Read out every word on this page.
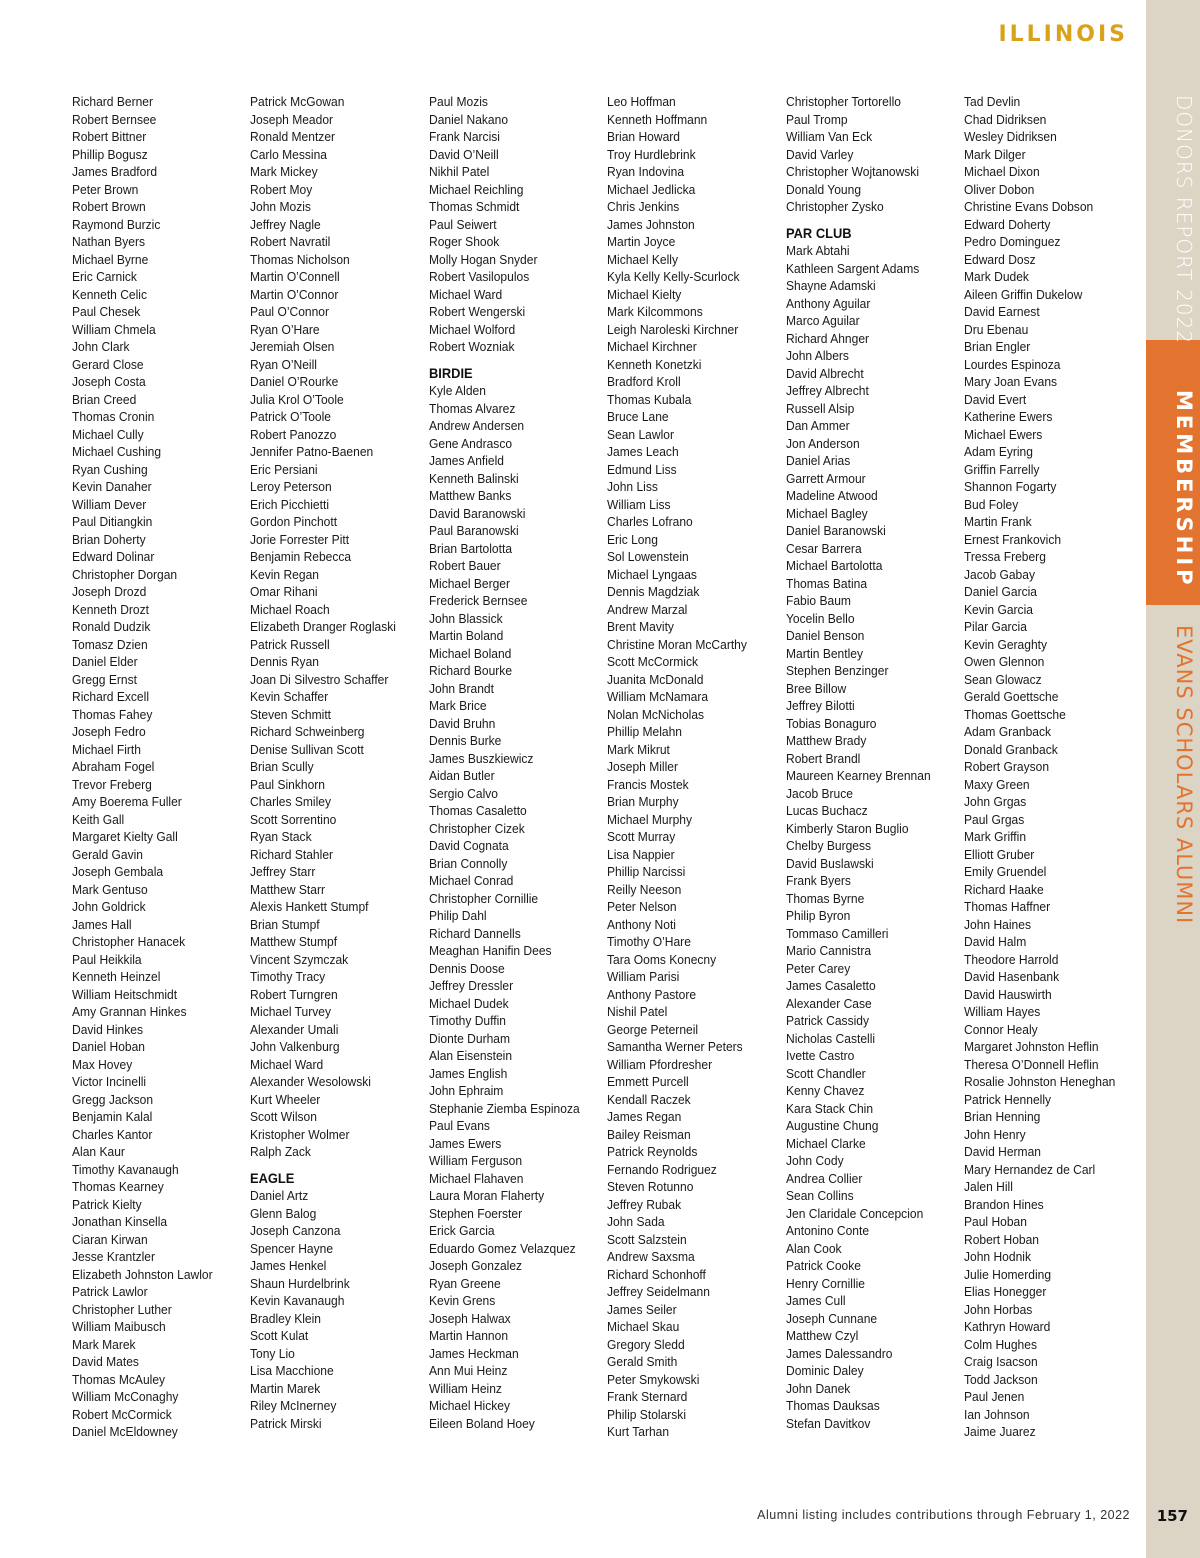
ILLINOIS
DONORS REPORT 2022
MEMBERSHIP
EVANS SCHOLARS ALUMNI
Richard Berner
Robert Bernsee
Robert Bittner
Phillip Bogusz
James Bradford
Peter Brown
Robert Brown
Raymond Burzic
Nathan Byers
Michael Byrne
Eric Carnick
Kenneth Celic
Paul Chesek
William Chmela
John Clark
Gerard Close
Joseph Costa
Brian Creed
Thomas Cronin
Michael Cully
Michael Cushing
Ryan Cushing
Kevin Danaher
William Dever
Paul Ditiangkin
Brian Doherty
Edward Dolinar
Christopher Dorgan
Joseph Drozd
Kenneth Drozt
Ronald Dudzik
Tomasz Dzien
Daniel Elder
Gregg Ernst
Richard Excell
Thomas Fahey
Joseph Fedro
Michael Firth
Abraham Fogel
Trevor Freberg
Amy Boerema Fuller
Keith Gall
Margaret Kielty Gall
Gerald Gavin
Joseph Gembala
Mark Gentuso
John Goldrick
James Hall
Christopher Hanacek
Paul Heikkila
Kenneth Heinzel
William Heitschmidt
Amy Grannan Hinkes
David Hinkes
Daniel Hoban
Max Hovey
Victor Incinelli
Gregg Jackson
Benjamin Kalal
Charles Kantor
Alan Kaur
Timothy Kavanaugh
Thomas Kearney
Patrick Kielty
Jonathan Kinsella
Ciaran Kirwan
Jesse Krantzler
Elizabeth Johnston Lawlor
Patrick Lawlor
Christopher Luther
William Maibusch
Mark Marek
David Mates
Thomas McAuley
William McConaghy
Robert McCormick
Daniel McEldowney
Patrick McGowan
Joseph Meador
Ronald Mentzer
Carlo Messina
Mark Mickey
Robert Moy
John Mozis
Jeffrey Nagle
Robert Navratil
Thomas Nicholson
Martin O’Connell
Martin O’Connor
Paul O’Connor
Ryan O’Hare
Jeremiah Olsen
Ryan O’Neill
Daniel O’Rourke
Julia Krol O’Toole
Patrick O’Toole
Robert Panozzo
Jennifer Patno-Baenen
Eric Persiani
Leroy Peterson
Erich Picchietti
Gordon Pinchott
Jorie Forrester Pitt
Benjamin Rebecca
Kevin Regan
Omar Rihani
Michael Roach
Elizabeth Dranger Roglaski
Patrick Russell
Dennis Ryan
Joan Di Silvestro Schaffer
Kevin Schaffer
Steven Schmitt
Richard Schweinberg
Denise Sullivan Scott
Brian Scully
Paul Sinkhorn
Charles Smiley
Scott Sorrentino
Ryan Stack
Richard Stahler
Jeffrey Starr
Matthew Starr
Alexis Hankett Stumpf
Brian Stumpf
Matthew Stumpf
Vincent Szymczak
Timothy Tracy
Robert Turngren
Michael Turvey
Alexander Umali
John Valkenburg
Michael Ward
Alexander Wesolowski
Kurt Wheeler
Scott Wilson
Kristopher Wolmer
Ralph Zack
EAGLE
Daniel Artz
Glenn Balog
Joseph Canzona
Spencer Hayne
James Henkel
Shaun Hurdelbrink
Kevin Kavanaugh
Bradley Klein
Scott Kulat
Tony Lio
Lisa Macchione
Martin Marek
Riley McInerney
Patrick Mirski
Paul Mozis
Daniel Nakano
Frank Narcisi
David O’Neill
Nikhil Patel
Michael Reichling
Thomas Schmidt
Paul Seiwert
Roger Shook
Molly Hogan Snyder
Robert Vasilopulos
Michael Ward
Robert Wengerski
Michael Wolford
Robert Wozniak
BIRDIE
Kyle Alden
Thomas Alvarez
Andrew Andersen
Gene Andrasco
James Anfield
Kenneth Balinski
Matthew Banks
David Baranowski
Paul Baranowski
Brian Bartolotta
Robert Bauer
Michael Berger
Frederick Bernsee
John Blassick
Martin Boland
Michael Boland
Richard Bourke
John Brandt
Mark Brice
David Bruhn
Dennis Burke
James Buszkiewicz
Aidan Butler
Sergio Calvo
Thomas Casaletto
Christopher Cizek
David Cognata
Brian Connolly
Michael Conrad
Christopher Cornillie
Philip Dahl
Richard Dannells
Meaghan Hanifin Dees
Dennis Doose
Jeffrey Dressler
Michael Dudek
Timothy Duffin
Dionte Durham
Alan Eisenstein
James English
John Ephraim
Stephanie Ziemba Espinoza
Paul Evans
James Ewers
William Ferguson
Michael Flahaven
Laura Moran Flaherty
Stephen Foerster
Erick Garcia
Eduardo Gomez Velazquez
Joseph Gonzalez
Ryan Greene
Kevin Grens
Joseph Halwax
Martin Hannon
James Heckman
Ann Mui Heinz
William Heinz
Michael Hickey
Eileen Boland Hoey
Leo Hoffman
Kenneth Hoffmann
Brian Howard
Troy Hurdlebrink
Ryan Indovina
Michael Jedlicka
Chris Jenkins
James Johnston
Martin Joyce
Michael Kelly
Kyla Kelly Kelly-Scurlock
Michael Kielty
Mark Kilcommons
Leigh Naroleski Kirchner
Michael Kirchner
Kenneth Konetzki
Bradford Kroll
Thomas Kubala
Bruce Lane
Sean Lawlor
James Leach
Edmund Liss
John Liss
William Liss
Charles Lofrano
Eric Long
Sol Lowenstein
Michael Lyngaas
Dennis Magdziak
Andrew Marzal
Brent Mavity
Christine Moran McCarthy
Scott McCormick
Juanita McDonald
William McNamara
Nolan McNicholas
Phillip Melahn
Mark Mikrut
Joseph Miller
Francis Mostek
Brian Murphy
Michael Murphy
Scott Murray
Lisa Nappier
Phillip Narcissi
Reilly Neeson
Peter Nelson
Anthony Noti
Timothy O’Hare
Tara Ooms Konecny
William Parisi
Anthony Pastore
Nishil Patel
George Peterneil
Samantha Werner Peters
William Pfordresher
Emmett Purcell
Kendall Raczek
James Regan
Bailey Reisman
Patrick Reynolds
Fernando Rodriguez
Steven Rotunno
Jeffrey Rubak
John Sada
Scott Salzstein
Andrew Saxsma
Richard Schonhoff
Jeffrey Seidelmann
James Seiler
Michael Skau
Gregory Sledd
Gerald Smith
Peter Smykowski
Frank Sternard
Philip Stolarski
Kurt Tarhan
Christopher Tortorello
Paul Tromp
William Van Eck
David Varley
Christopher Wojtanowski
Donald Young
Christopher Zysko
PAR CLUB
Mark Abtahi
Kathleen Sargent Adams
Shayne Adamski
Anthony Aguilar
Marco Aguilar
Richard Ahnger
John Albers
David Albrecht
Jeffrey Albrecht
Russell Alsip
Dan Ammer
Jon Anderson
Daniel Arias
Garrett Armour
Madeline Atwood
Michael Bagley
Daniel Baranowski
Cesar Barrera
Michael Bartolotta
Thomas Batina
Fabio Baum
Yocelin Bello
Daniel Benson
Martin Bentley
Stephen Benzinger
Bree Billow
Jeffrey Bilotti
Tobias Bonaguro
Matthew Brady
Robert Brandl
Maureen Kearney Brennan
Jacob Bruce
Lucas Buchacz
Kimberly Staron Buglio
Chelby Burgess
David Buslawski
Frank Byers
Thomas Byrne
Philip Byron
Tommaso Camilleri
Mario Cannistra
Peter Carey
James Casaletto
Alexander Case
Patrick Cassidy
Nicholas Castelli
Ivette Castro
Scott Chandler
Kenny Chavez
Kara Stack Chin
Augustine Chung
Michael Clarke
John Cody
Andrea Collier
Sean Collins
Jen Claridale Concepcion
Antonino Conte
Alan Cook
Patrick Cooke
Henry Cornillie
James Cull
Joseph Cunnane
Matthew Czyl
James Dalessandro
Dominic Daley
John Danek
Thomas Dauksas
Stefan Davitkov
Tad Devlin
Chad Didriksen
Wesley Didriksen
Mark Dilger
Michael Dixon
Oliver Dobon
Christine Evans Dobson
Edward Doherty
Pedro Dominguez
Edward Dosz
Mark Dudek
Aileen Griffin Dukelow
David Earnest
Dru Ebenau
Brian Engler
Lourdes Espinoza
Mary Joan Evans
David Evert
Katherine Ewers
Michael Ewers
Adam Eyring
Griffin Farrelly
Shannon Fogarty
Bud Foley
Martin Frank
Ernest Frankovich
Tressa Freberg
Jacob Gabay
Daniel Garcia
Kevin Garcia
Pilar Garcia
Kevin Geraghty
Owen Glennon
Sean Glowacz
Gerald Goettsche
Thomas Goettsche
Adam Granback
Donald Granback
Robert Grayson
Maxy Green
John Grgas
Paul Grgas
Mark Griffin
Elliott Gruber
Emily Gruendel
Richard Haake
Thomas Haffner
John Haines
David Halm
Theodore Harrold
David Hasenbank
David Hauswirth
William Hayes
Connor Healy
Margaret Johnston Heflin
Theresa O’Donnell Heflin
Rosalie Johnston Heneghan
Patrick Hennelly
Brian Henning
John Henry
David Herman
Mary Hernandez de Carl
Jalen Hill
Brandon Hines
Paul Hoban
Robert Hoban
John Hodnik
Julie Homerding
Elias Honegger
John Horbas
Kathryn Howard
Colm Hughes
Craig Isacson
Todd Jackson
Paul Jenen
Ian Johnson
Jaime Juarez
Alumni listing includes contributions through February 1, 2022 157
